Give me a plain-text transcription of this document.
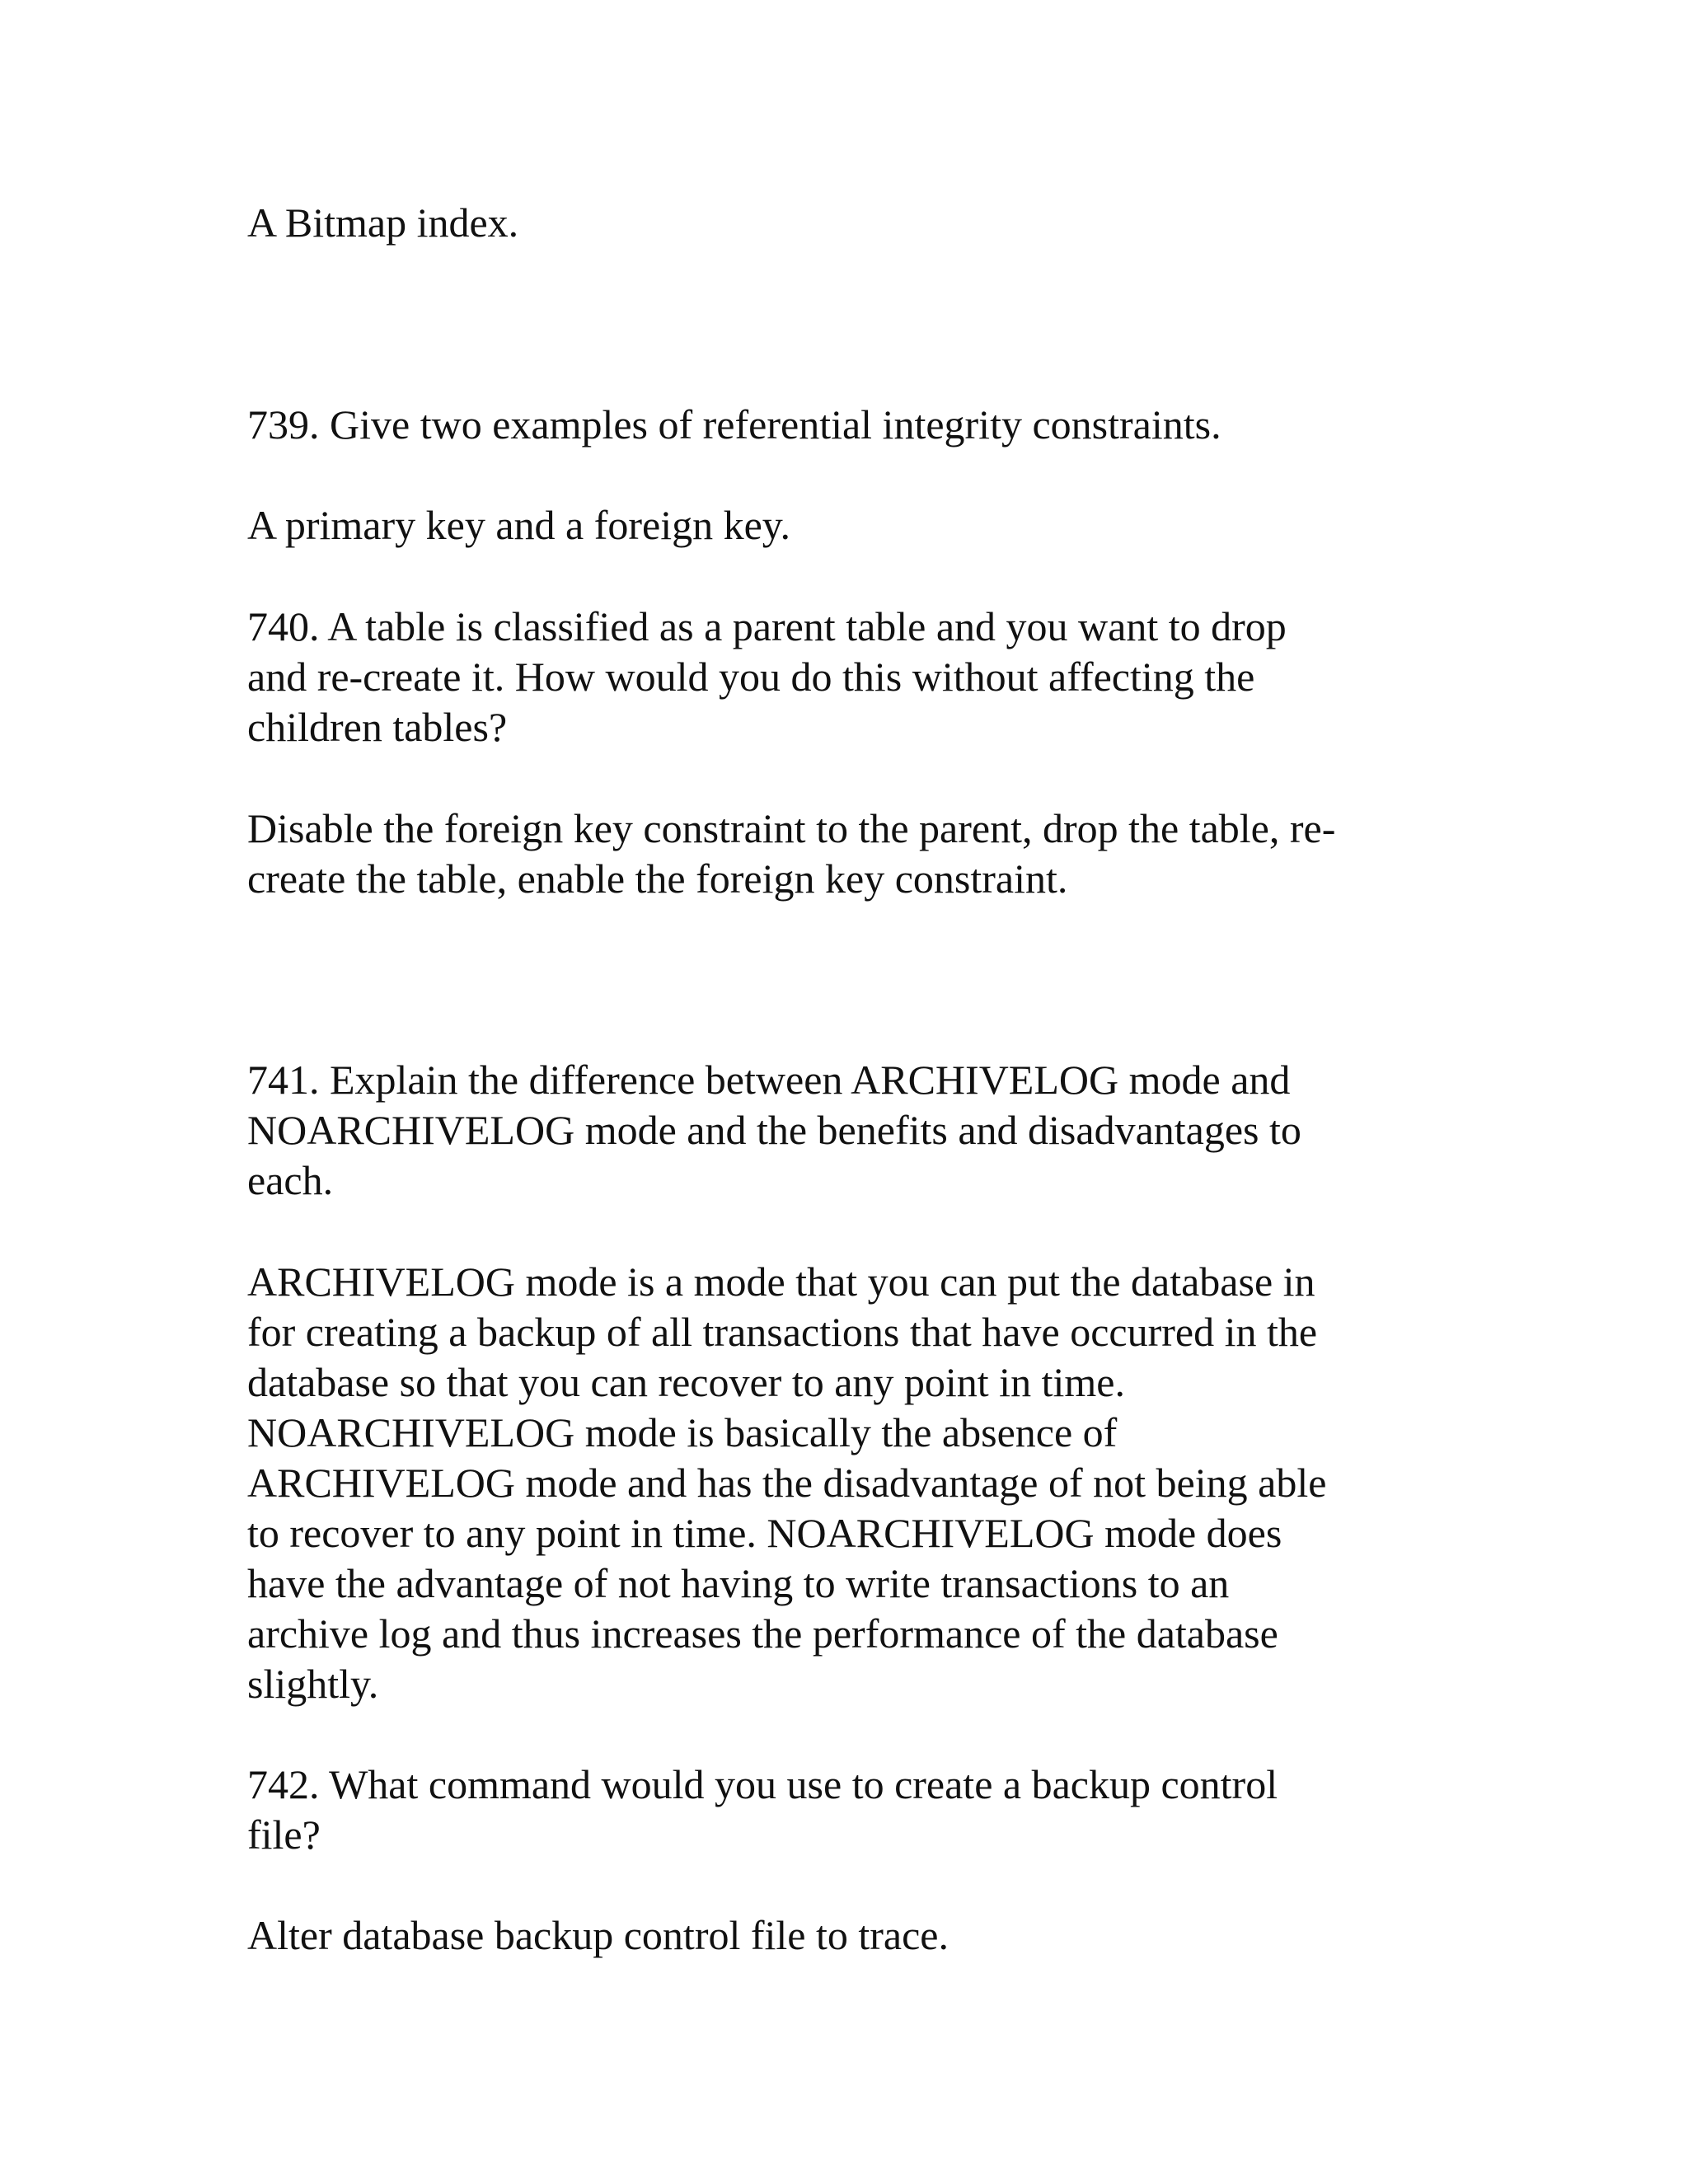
A Bitmap index.

739. Give two examples of referential integrity constraints.

A primary key and a foreign key.

740. A table is classified as a parent table and you want to drop
and re-create it. How would you do this without affecting the
children tables?

Disable the foreign key constraint to the parent, drop the table, re-
create the table, enable the foreign key constraint.

741. Explain the difference between ARCHIVELOG mode and
NOARCHIVELOG mode and the benefits and disadvantages to
each.

ARCHIVELOG mode is a mode that you can put the database in
for creating a backup of all transactions that have occurred in the
database so that you can recover to any point in time.
NOARCHIVELOG mode is basically the absence of
ARCHIVELOG mode and has the disadvantage of not being able
to recover to any point in time. NOARCHIVELOG mode does
have the advantage of not having to write transactions to an
archive log and thus increases the performance of the database
slightly.

742. What command would you use to create a backup control
file?

Alter database backup control file to trace.
